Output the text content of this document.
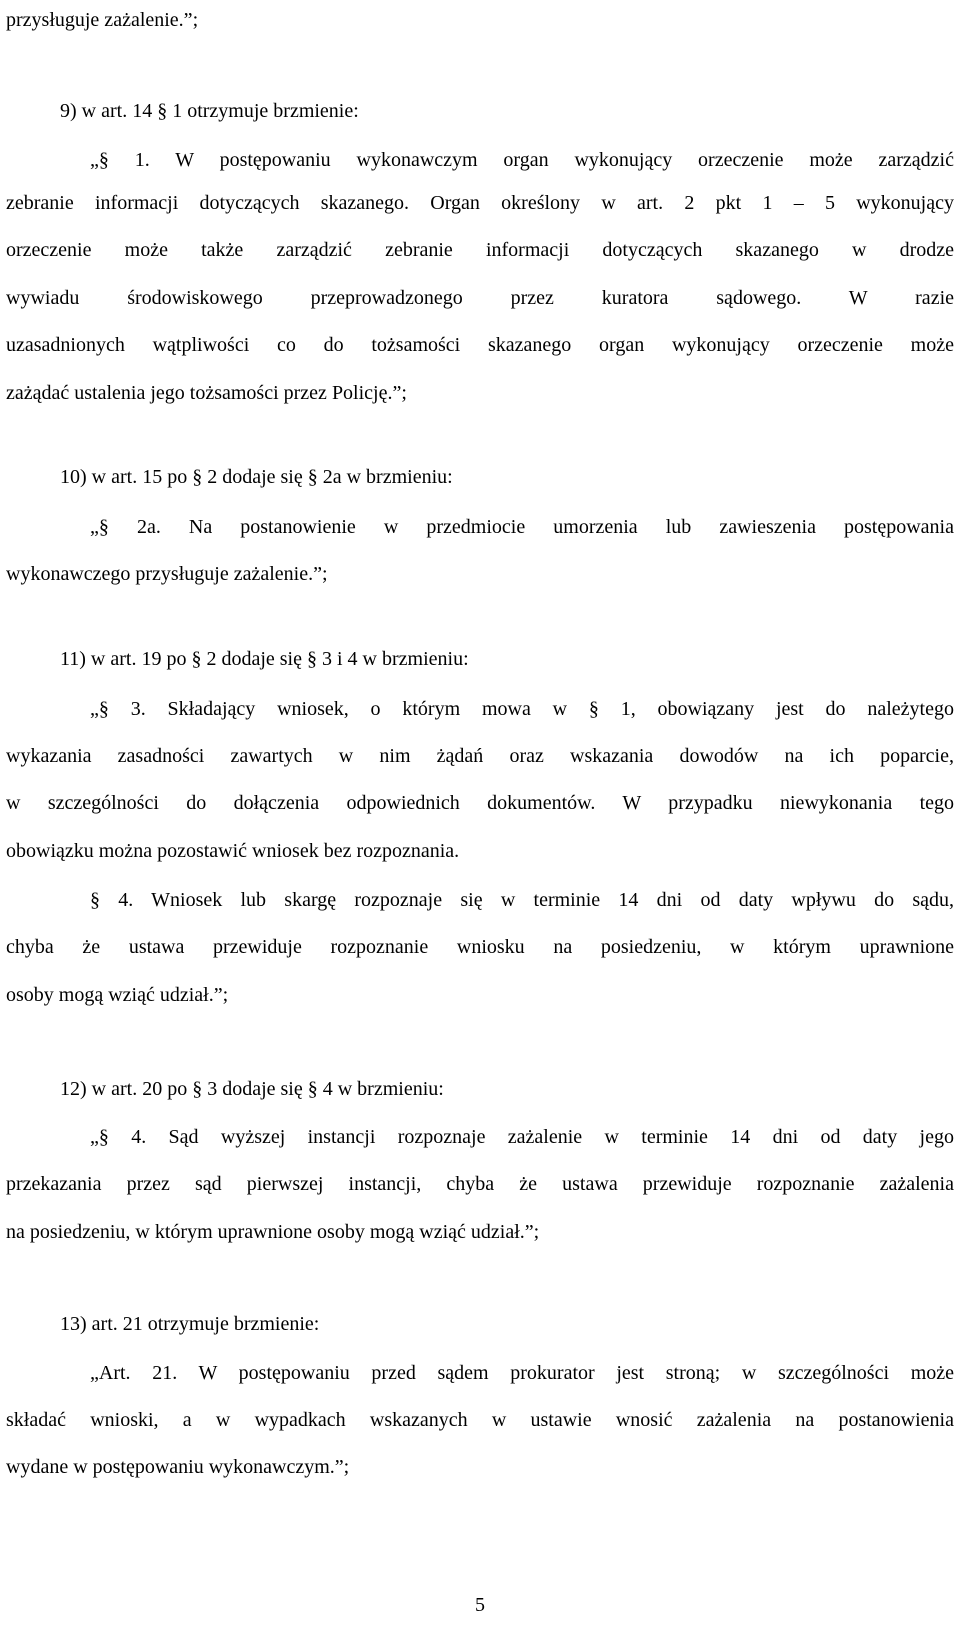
przysługuje zażalenie.”;
9) w art. 14 § 1 otrzymuje brzmienie:
„§ 1. W postępowaniu wykonawczym organ wykonujący orzeczenie może zarządzić
zebranie informacji dotyczących skazanego. Organ określony w art. 2 pkt 1 – 5 wykonujący
orzeczenie może także zarządzić zebranie informacji dotyczących skazanego w drodze
wywiadu środowiskowego przeprowadzonego przez kuratora sądowego. W razie
uzasadnionych wątpliwości co do tożsamości skazanego organ wykonujący orzeczenie może
zażądać ustalenia jego tożsamości przez Policję.”;
10) w art. 15 po § 2 dodaje się § 2a w brzmieniu:
„§ 2a. Na postanowienie w przedmiocie umorzenia lub zawieszenia postępowania
wykonawczego przysługuje zażalenie.”;
11) w art. 19 po § 2 dodaje się § 3 i 4 w brzmieniu:
„§ 3. Składający wniosek, o którym mowa w § 1, obowiązany jest do należytego
wykazania zasadności zawartych w nim żądań oraz wskazania dowodów na ich poparcie,
w szczególności do dołączenia odpowiednich dokumentów. W przypadku niewykonania tego
obowiązku można pozostawić wniosek bez rozpoznania.
§ 4. Wniosek lub skargę rozpoznaje się w terminie 14 dni od daty wpływu do sądu,
chyba że ustawa przewiduje rozpoznanie wniosku na posiedzeniu, w którym uprawnione
osoby mogą wziąć udział.”;
12) w art. 20 po § 3 dodaje się § 4 w brzmieniu:
„§ 4. Sąd wyższej instancji rozpoznaje zażalenie w terminie 14 dni od daty jego
przekazania przez sąd pierwszej instancji, chyba że ustawa przewiduje rozpoznanie zażalenia
na posiedzeniu, w którym uprawnione osoby mogą wziąć udział.”;
13) art. 21 otrzymuje brzmienie:
„Art. 21. W postępowaniu przed sądem prokurator jest stroną; w szczególności może
składać wnioski, a w wypadkach wskazanych w ustawie wnosić zażalenia na postanowienia
wydane w postępowaniu wykonawczym.”;
5
